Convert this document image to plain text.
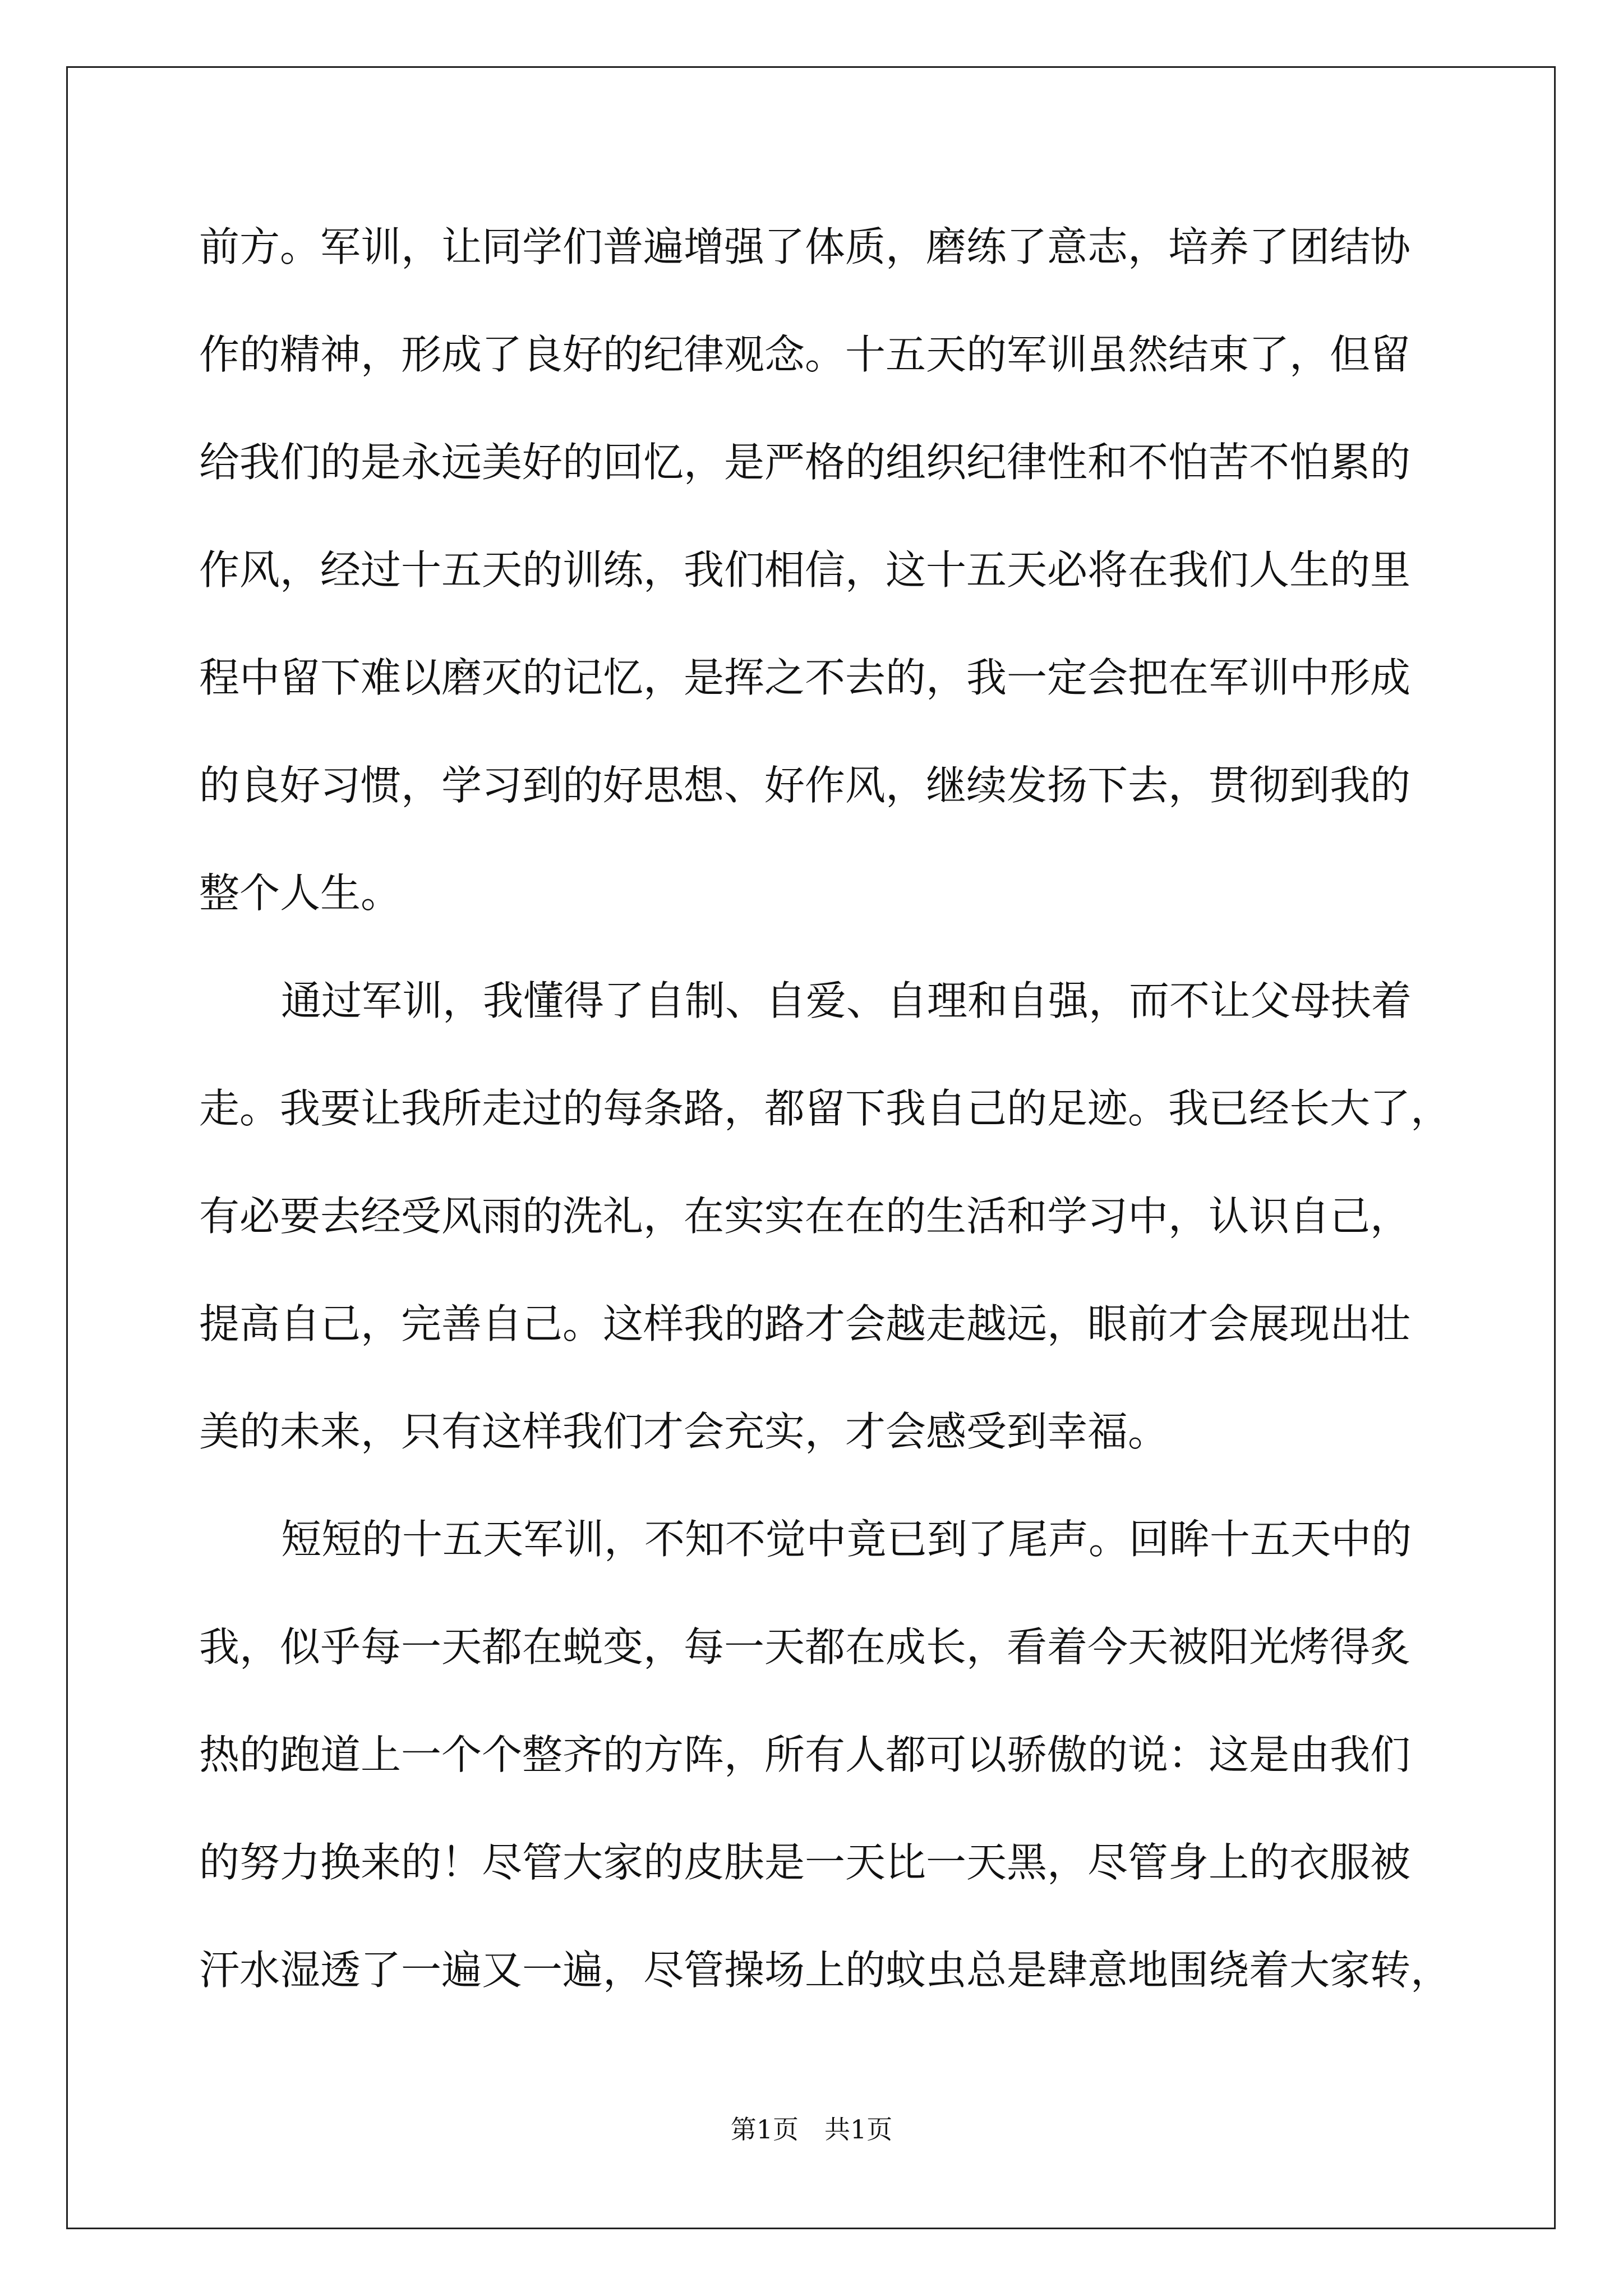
前方。军训，让同学们普遍增强了体质，磨练了意志，培养了团结协
作的精神，形成了良好的纪律观念。十五天的军训虽然结束了，但留
给我们的是永远美好的回忆，是严格的组织纪律性和不怕苦不怕累的
作风，经过十五天的训练，我们相信，这十五天必将在我们人生的里
程中留下难以磨灭的记忆，是挥之不去的，我一定会把在军训中形成
的良好习惯，学习到的好思想、好作风，继续发扬下去，贯彻到我的
整个人生。
通过军训，我懂得了自制、自爱、自理和自强，而不让父母扶着
走。我要让我所走过的每条路，都留下我自己的足迹。我已经长大了，
有必要去经受风雨的洗礼，在实实在在的生活和学习中，认识自己，
提高自己，完善自己。这样我的路才会越走越远，眼前才会展现出壮
美的未来，只有这样我们才会充实，才会感受到幸福。
短短的十五天军训，不知不觉中竟已到了尾声。回眸十五天中的
我，似乎每一天都在蜕变，每一天都在成长，看着今天被阳光烤得炙
热的跑道上一个个整齐的方阵，所有人都可以骄傲的说：这是由我们
的努力换来的！尽管大家的皮肤是一天比一天黑，尽管身上的衣服被
汗水湿透了一遍又一遍，尽管操场上的蚊虫总是肆意地围绕着大家转，
第1页　共1页
